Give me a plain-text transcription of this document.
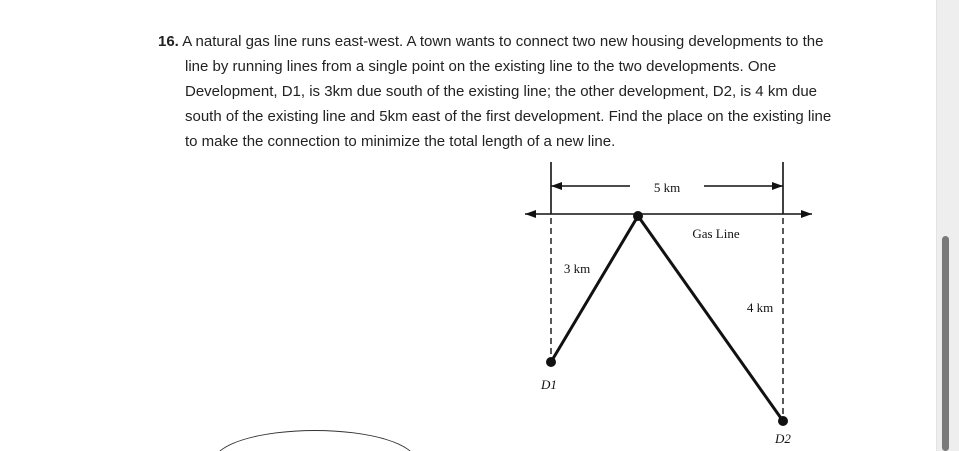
16. A natural gas line runs east-west. A town wants to connect two new housing developments to the line by running lines from a single point on the existing line to the two developments. One Development, D1, is 3km due south of the existing line; the other development, D2, is 4 km due south of the existing line and 5km east of the first development. Find the place on the existing line to make the connection to minimize the total length of a new line.

5 km
Gas Line
3 km
4 km
D1
D2
